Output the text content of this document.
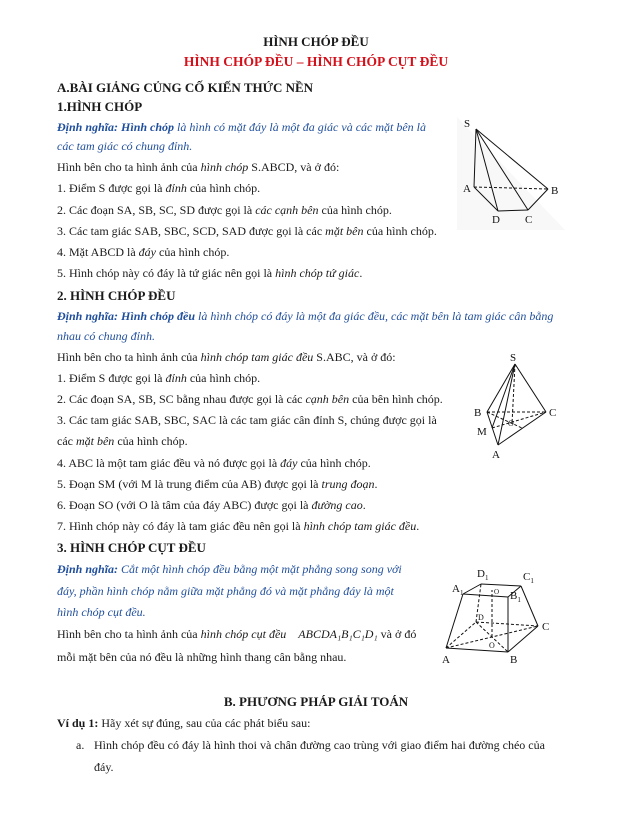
HÌNH CHÓP ĐỀU
HÌNH CHÓP ĐỀU – HÌNH CHÓP CỤT ĐỀU
A.BÀI GIẢNG CỦNG CỐ KIẾN THỨC NỀN
1.HÌNH CHÓP
Định nghĩa: Hình chóp là hình có mặt đáy là một đa giác và các mặt bên là
các tam giác có chung đỉnh.
Hình bên cho ta hình ảnh của hình chóp S.ABCD, và ở đó:
1. Điểm S được gọi là đỉnh của hình chóp.
2. Các đoạn SA, SB, SC, SD được gọi là các cạnh bên của hình chóp.
3. Các tam giác SAB, SBC, SCD, SAD được gọi là các mặt bên của hình chóp.
4. Mặt ABCD là đáy của hình chóp.
5. Hình chóp này có đáy là tứ giác nên gọi là hình chóp tứ giác.
S
A	B
C
D
2. HÌNH CHÓP ĐỀU
Định nghĩa: Hình chóp đều là hình chóp có đáy là một đa giác đều, các mặt bên là tam giác cân bằng
nhau có chung đỉnh.
Hình bên cho ta hình ảnh của hình chóp tam giác đều S.ABC, và ở đó:
1. Điểm S được gọi là đỉnh của hình chóp.
2. Các đoạn SA, SB, SC bằng nhau được gọi là các cạnh bên của bên hình chóp.
3. Các tam giác SAB, SBC, SAC là các tam giác cân đỉnh S, chúng được gọi là
các mặt bên của hình chóp.
4. ABC là một tam giác đều và nó được gọi là đáy của hình chóp.
5. Đoạn SM (với M là trung điểm của AB) được gọi là trung đoạn.
6. Đoạn SO (với O là tâm của đáy ABC) được gọi là đường cao.
7. Hình chóp này có đáy là tam giác đều nên gọi là hình chóp tam giác đều.
S
B	C
M
O
A
3. HÌNH CHÓP CỤT ĐỀU
Định nghĩa: Cắt một hình chóp đều bằng một mặt phẳng song song với
đáy, phần hình chóp nằm giữa mặt phẳng đó và mặt phẳng đáy là một
hình chóp cụt đều.
Hình bên cho ta hình ảnh của hình chóp cụt đều ABCDA₁B₁C₁D₁ và ở đó
mỗi mặt bên của nó đều là những hình thang cân bằng nhau.
$D_1$	$C_1$
$A_1$	$B_1$
O
D
C
O
A	B
B. PHƯƠNG PHÁP GIẢI TOÁN
Ví dụ 1: Hãy xét sự đúng, sau của các phát biểu sau:
a. Hình chóp đều có đáy là hình thoi và chân đường cao trùng với giao điểm hai đường chéo của
đáy.
